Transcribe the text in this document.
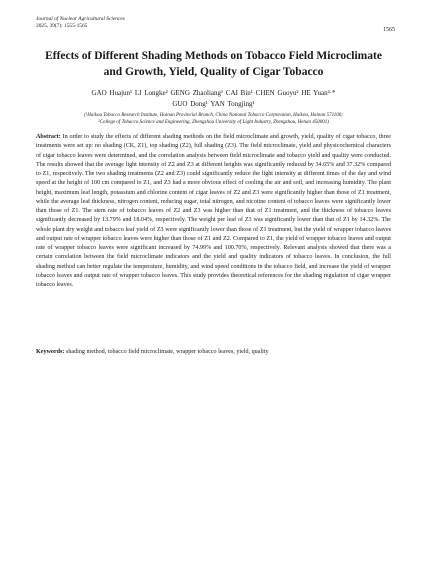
Journal of Nuclear Agricultural Sciences
2025, 39(7): 1555-1565
1565
Effects of Different Shading Methods on Tobacco Field Microclimate and Growth, Yield, Quality of Cigar Tobacco
GAO Huajun¹ LI Longke² GENG Zhaoliang¹ CAI Bin¹ CHEN Guoyu² HE Yuan²·*
GUO Dong¹ YAN Tongjing¹
(¹Haikou Tobacco Research Institute, Hainan Provincial Branch, China National Tobacco Corporation, Haikou, Hainan 571100;
²College of Tobacco Science and Engineering, Zhengzhou University of Light Industry, Zhengzhou, Henan 450001)
Abstract: In order to study the effects of different shading methods on the field microclimate and growth, yield, quality of cigar tobacco, three treatments were set up: no shading (CK, Z1), top shading (Z2), full shading (Z3). The field microclimate, yield and physicochemical characters of cigar tobacco leaves were determined, and the correlation analysis between field microclimate and tobacco yield and quality were conducted. The results showed that the average light intensity of Z2 and Z3 at different heights was significantly reduced by 34.65% and 37.32% compared to Z1, respectively. The two shading treatments (Z2 and Z3) could significantly reduce the light intensity at different times of the day and wind speed at the height of 100 cm compared to Z1, and Z3 had a more obvious effect of cooling the air and soil, and increasing humidity. The plant height, maximum leaf length, potassium and chlorine content of cigar leaves of Z2 and Z3 were significantly higher than those of Z1 treatment, while the average leaf thickness, nitrogen content, reducing sugar, total nitrogen, and nicotine content of tobacco leaves were significantly lower than those of Z1. The stem rate of tobacco leaves of Z2 and Z3 was higher than that of Z1 treatment, and the thickness of tobacco leaves significantly decreased by 13.79% and 18.04%, respectively. The weight per leaf of Z3 was significantly lower than that of Z1 by 14.32%. The whole plant dry weight and tobacco leaf yield of Z3 were significantly lower than those of Z1 treatment, but the yield of wrapper tobacco leaves and output rate of wrapper tobacco leaves were higher than those of Z1 and Z2. Compared to Z1, the yield of wrapper tobacco leaves and output rate of wrapper tobacco leaves were significant increased by 74.99% and 100.70%, respectively. Relevant analysis showed that there was a certain correlation between the field microclimate indicators and the yield and quality indicators of tobacco leaves. In conclusion, the full shading method can better regulate the temperature, humidity, and wind speed conditions in the tobacco field, and increase the yield of wrapper tobacco leaves and output rate of wrapper tobacco leaves. This study provides theoretical references for the shading regulation of cigar wrapper tobacco leaves.
Keywords: shading method, tobacco field microclimate, wrapper tobacco leaves, yield, quality
